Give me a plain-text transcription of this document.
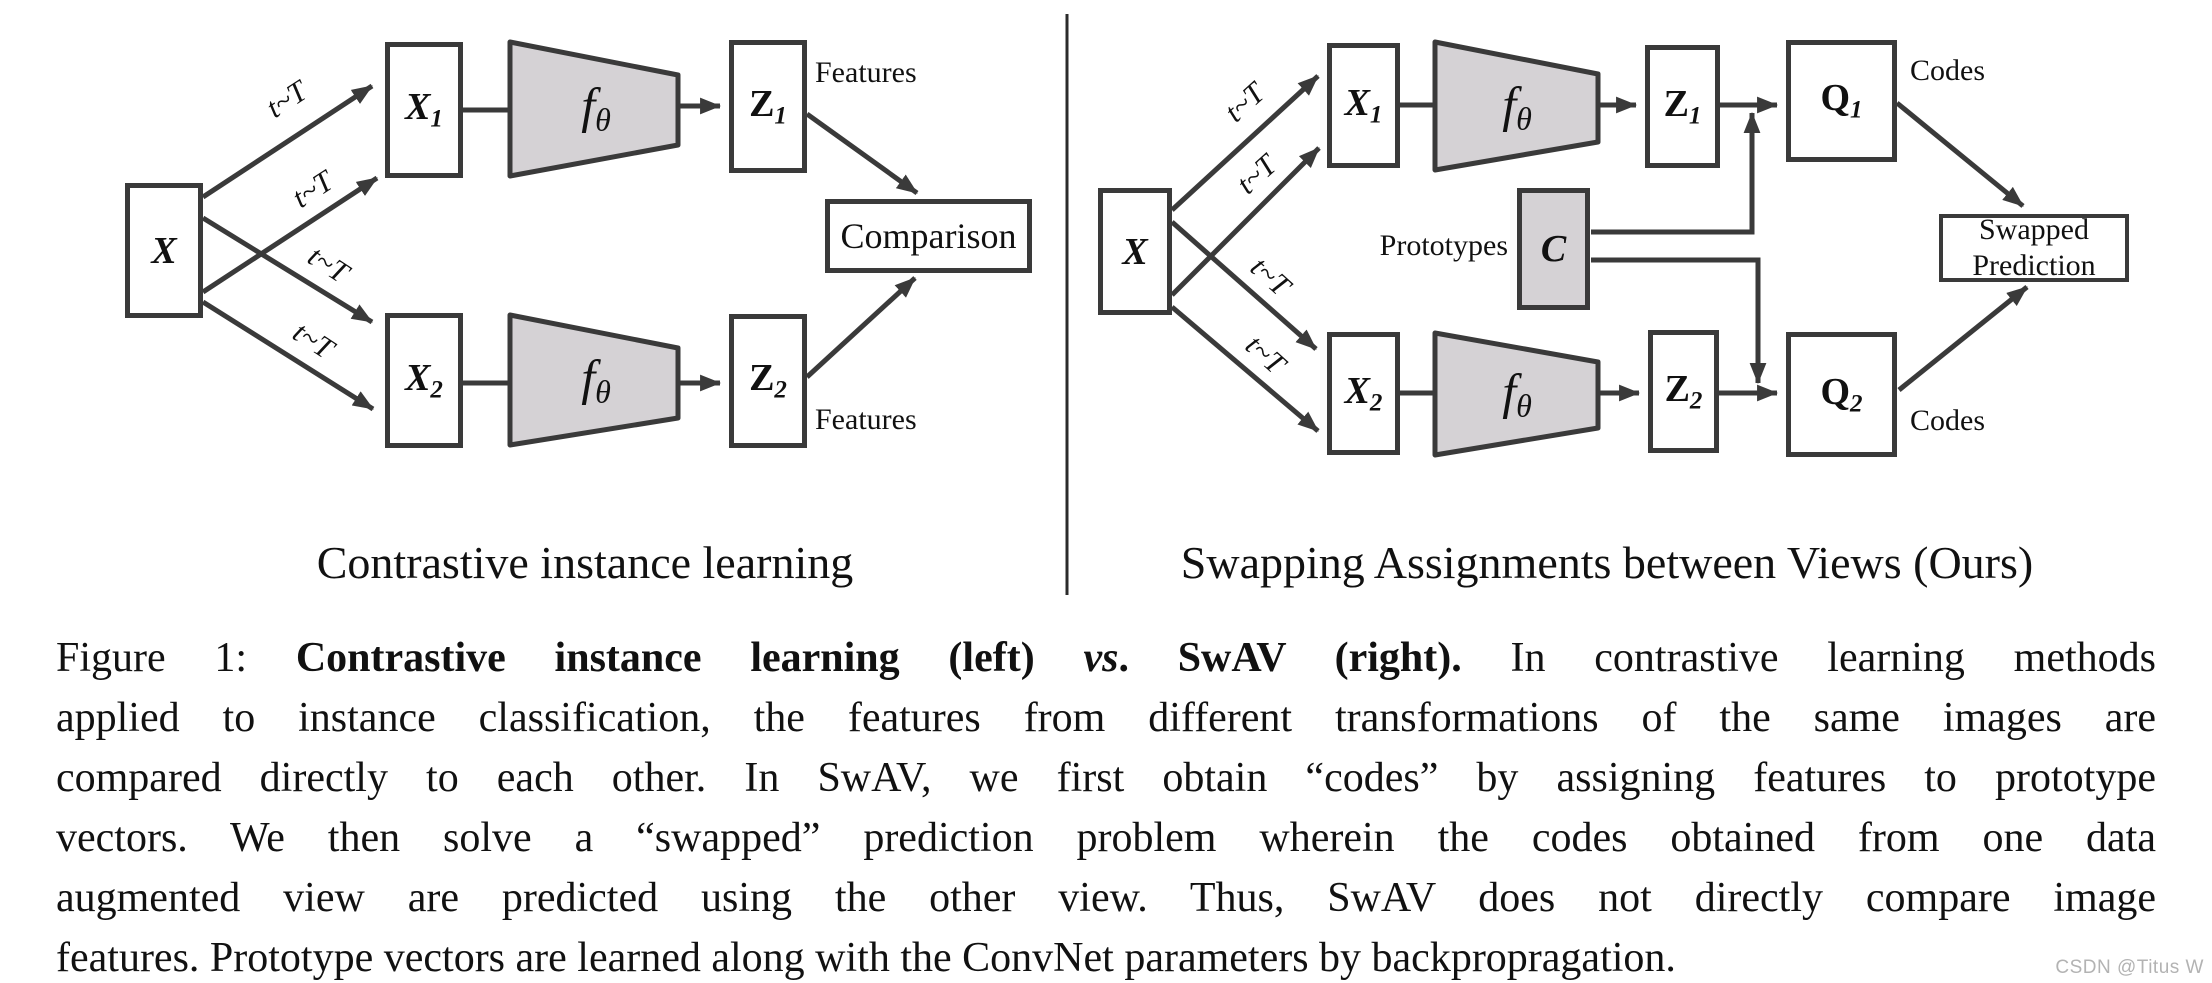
X
$X_1$
$X_2$
$Z_1$
$Z_2$
Comparison
$f_\theta$
$f_\theta$
t~T
t~T
t~T
t~T
Features
Features
X
$X_1$
$X_2$
$Z_1$
$Z_2$
$Q_1$
$Q_2$
C	Swapped
Prediction
$f_\theta$
$f_\theta$
t~T
t~T
t~T
t~T
Prototypes
Codes
Codes
Contrastive instance learning	Swapping Assignments between Views (Ours)
Figure 1: Contrastive instance learning (left) vs. SwAV (right). In contrastive learning methods
applied to instance classification, the features from different transformations of the same images are
compared directly to each other. In SwAV, we first obtain “codes” by assigning features to prototype
vectors. We then solve a “swapped” prediction problem wherein the codes obtained from one data
augmented view are predicted using the other view. Thus, SwAV does not directly compare image
features. Prototype vectors are learned along with the ConvNet parameters by backpropragation.	CSDN @Titus W
